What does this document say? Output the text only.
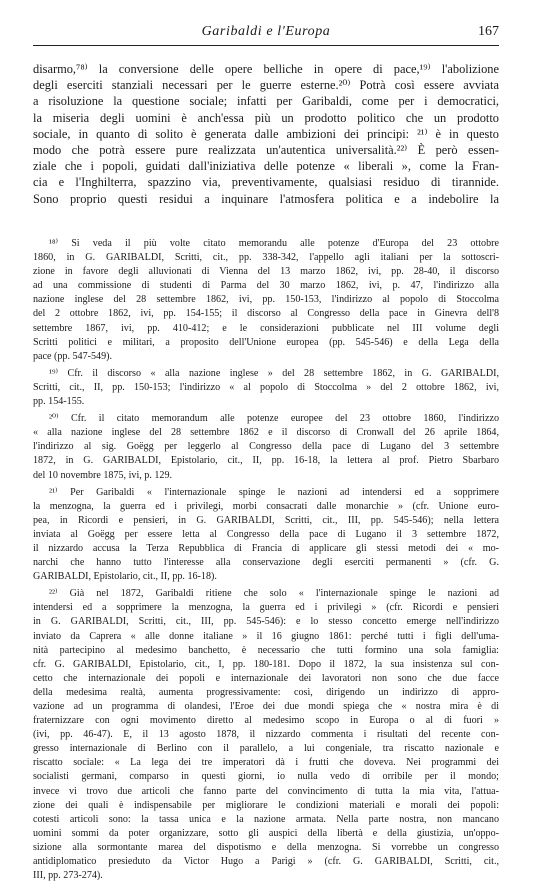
Garibaldi e l'Europa	167
disarmo,⁷⁸⁾ la conversione delle opere belliche in opere di pace,¹⁹⁾ l'abolizione
degli eserciti stanziali necessari per le guerre esterne.²⁰⁾ Potrà così essere avviata
a risoluzione la questione sociale; infatti per Garibaldi, come per i democratici,
la miseria degli uomini è anch'essa più un prodotto politico che un prodotto
sociale, in quanto di solito è generata dalle ambizioni dei principi: ²¹⁾ è in questo
modo che potrà essere pure realizzata un'autentica universalità.²²⁾ È però essen-
ziale che i popoli, guidati dall'iniziativa delle potenze « liberali », come la Fran-
cia e l'Inghilterra, spazzino via, preventivamente, qualsiasi residuo di tirannide.
Sono proprio questi residui a inquinare l'atmosfera politica e a indebolire la
¹⁸⁾ Si veda il più volte citato memorandu alle potenze d'Europa del 23 ottobre
1860, in G. GARIBALDI, Scritti, cit., pp. 338-342, l'appello agli italiani per la sottoscri-
zione in favore degli alluvionati di Vienna del 13 marzo 1862, ivi, pp. 28-40, il discorso
ad una commissione di studenti di Parma del 30 marzo 1862, ivi, p. 47, l'indirizzo alla
nazione inglese del 28 settembre 1862, ivi, pp. 150-153, l'indirizzo al popolo di Stoccolma
del 2 ottobre 1862, ivi, pp. 154-155; il discorso al Congresso della pace in Ginevra dell'8
settembre 1867, ivi, pp. 410-412; e le considerazioni pubblicate nel III volume degli
Scritti politici e militari, a proposito dell'Unione europea (pp. 545-546) e della Lega della
pace (pp. 547-549).
¹⁹⁾ Cfr. il discorso « alla nazione inglese » del 28 settembre 1862, in G. GARIBALDI,
Scritti, cit., II, pp. 150-153; l'indirizzo « al popolo di Stoccolma » del 2 ottobre 1862, ivi,
pp. 154-155.
²⁰⁾ Cfr. il citato memorandum alle potenze europee del 23 ottobre 1860, l'indirizzo
« alla nazione inglese del 28 settembre 1862 e il discorso di Cronwall del 26 aprile 1864,
l'indirizzo al sig. Goëgg per leggerlo al Congresso della pace di Lugano del 3 settembre
1872, in G. GARIBALDI, Epistolario, cit., II, pp. 16-18, la lettera al prof. Pietro Sbarbaro
del 10 novembre 1875, ivi, p. 129.
²¹⁾ Per Garibaldi « l'internazionale spinge le nazioni ad intendersi ed a sopprimere
la menzogna, la guerra ed i privilegi, morbi consacrati dalle monarchie » (cfr. Unione euro-
pea, in Ricordi e pensieri, in G. GARIBALDI, Scritti, cit., III, pp. 545-546); nella lettera
inviata al Goëgg per essere letta al Congresso della pace di Lugano il 3 settembre 1872,
il nizzardo accusa la Terza Repubblica di Francia di applicare gli stessi metodi dei « mo-
narchi che hanno tutto l'interesse alla conservazione degli eserciti permanenti » (cfr. G.
GARIBALDI, Epistolario, cit., II, pp. 16-18).
²²⁾ Già nel 1872, Garibaldi ritiene che solo « l'internazionale spinge le nazioni ad
intendersi ed a sopprimere la menzogna, la guerra ed i privilegi » (cfr. Ricordi e pensieri
in G. GARIBALDI, Scritti, cit., III, pp. 545-546): e lo stesso concetto emerge nell'indirizzo
inviato da Caprera « alle donne italiane » il 16 giugno 1861: perché tutti i figli dell'uma-
nità partecipino al medesimo banchetto, è necessario che tutti formino una sola famiglia:
cfr. G. GARIBALDI, Epistolario, cit., I, pp. 180-181. Dopo il 1872, la sua insistenza sul con-
cetto che internazionale dei popoli e internazionale dei lavoratori non sono che due facce
della medesima realtà, aumenta progressivamente: così, dirigendo un indirizzo di appro-
vazione ad un programma di olandesi, l'Eroe dei due mondi spiega che « nostra mira è di
fraternizzare con ogni movimento diretto al medesimo scopo in Europa o al di fuori »
(ivi, pp. 46-47). E, il 13 agosto 1878, il nizzardo commenta i risultati del recente con-
gresso internazionale di Berlino con il parallelo, a lui congeniale, tra riscatto nazionale e
riscatto sociale: « La lega dei tre imperatori dà i frutti che doveva. Nei programmi dei
socialisti germani, comparso in questi giorni, io nulla vedo di orribile per il mondo;
invece vi trovo due articoli che fanno parte del convincimento di tutta la mia vita, l'attua-
zione dei quali è indispensabile per migliorare le condizioni materiali e morali dei popoli:
cotesti articoli sono: la tassa unica e la nazione armata. Nella parte nostra, non mancano
uomini sommi da poter organizzare, sotto gli auspici della libertà e della giustizia, un'oppo-
sizione alla sormontante marea del dispotismo e della menzogna. Si vorrebbe un congresso
antidiplomatico presieduto da Victor Hugo a Parigi » (cfr. G. GARIBALDI, Scritti, cit.,
III, pp. 273-274).
